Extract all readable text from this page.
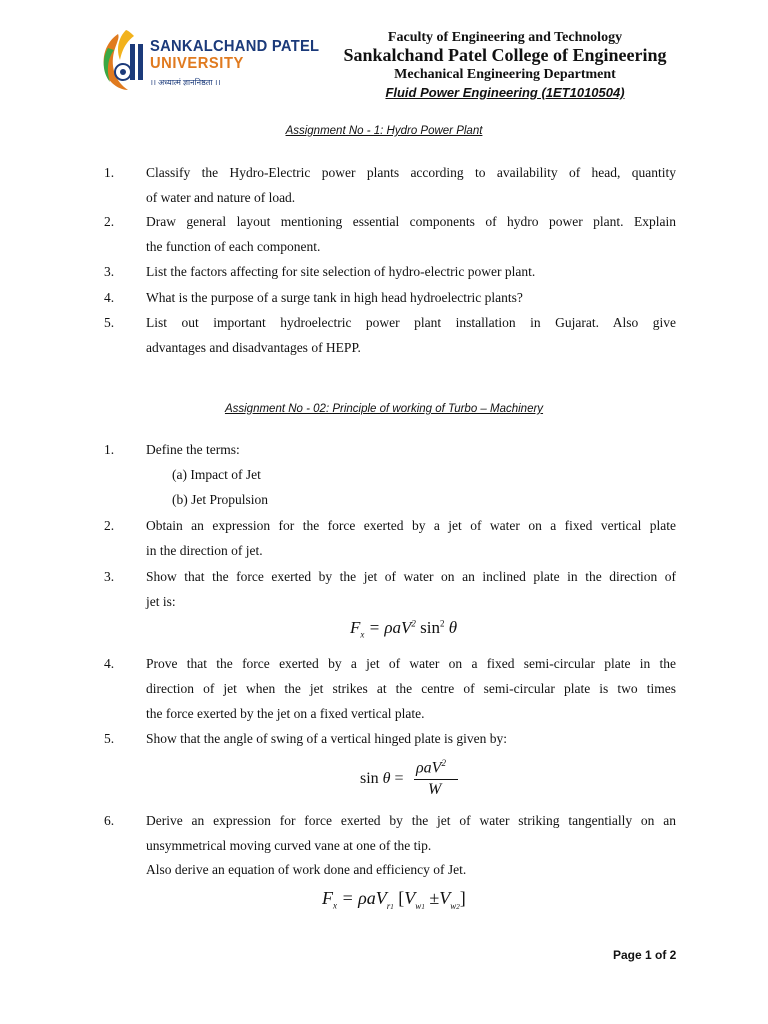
SANKALCHAND PATEL
UNIVERSITY
।। अध्यात्मं ज्ञाननिष्ठता ।।
Faculty of Engineering and Technology
Sankalchand Patel College of Engineering
Mechanical Engineering Department
Fluid Power Engineering (1ET1010504)
Assignment No - 1: Hydro Power Plant
1. Classify the Hydro-Electric power plants according to availability of head, quantity
of water and nature of load.
2. Draw general layout mentioning essential components of hydro power plant. Explain
the function of each component.
3. List the factors affecting for site selection of hydro-electric power plant.
4. What is the purpose of a surge tank in high head hydroelectric plants?
5. List out important hydroelectric power plant installation in Gujarat. Also give
advantages and disadvantages of HEPP.
Assignment No - 02: Principle of working of Turbo – Machinery
1. Define the terms:
(a) Impact of Jet
(b) Jet Propulsion
2. Obtain an expression for the force exerted by a jet of water on a fixed vertical plate
in the direction of jet.
3. Show that the force exerted by the jet of water on an inclined plate in the direction of
jet is:
$F_x = \rho aV^2$ $\sin^2 \theta$
4. Prove that the force exerted by a jet of water on a fixed semi-circular plate in the
direction of jet when the jet strikes at the centre of semi-circular plate is two times
the force exerted by the jet on a fixed vertical plate.
5. Show that the angle of swing of a vertical hinged plate is given by:
sin θ =
ρaV$^2$
W
6. Derive an expression for force exerted by the jet of water striking tangentially on an
unsymmetrical moving curved vane at one of the tip.
Also derive an equation of work done and efficiency of Jet.
$F_x = \rho aV_{r1}$ $[V_{w1} \pm V_{w2}]$
Page 1 of 2
